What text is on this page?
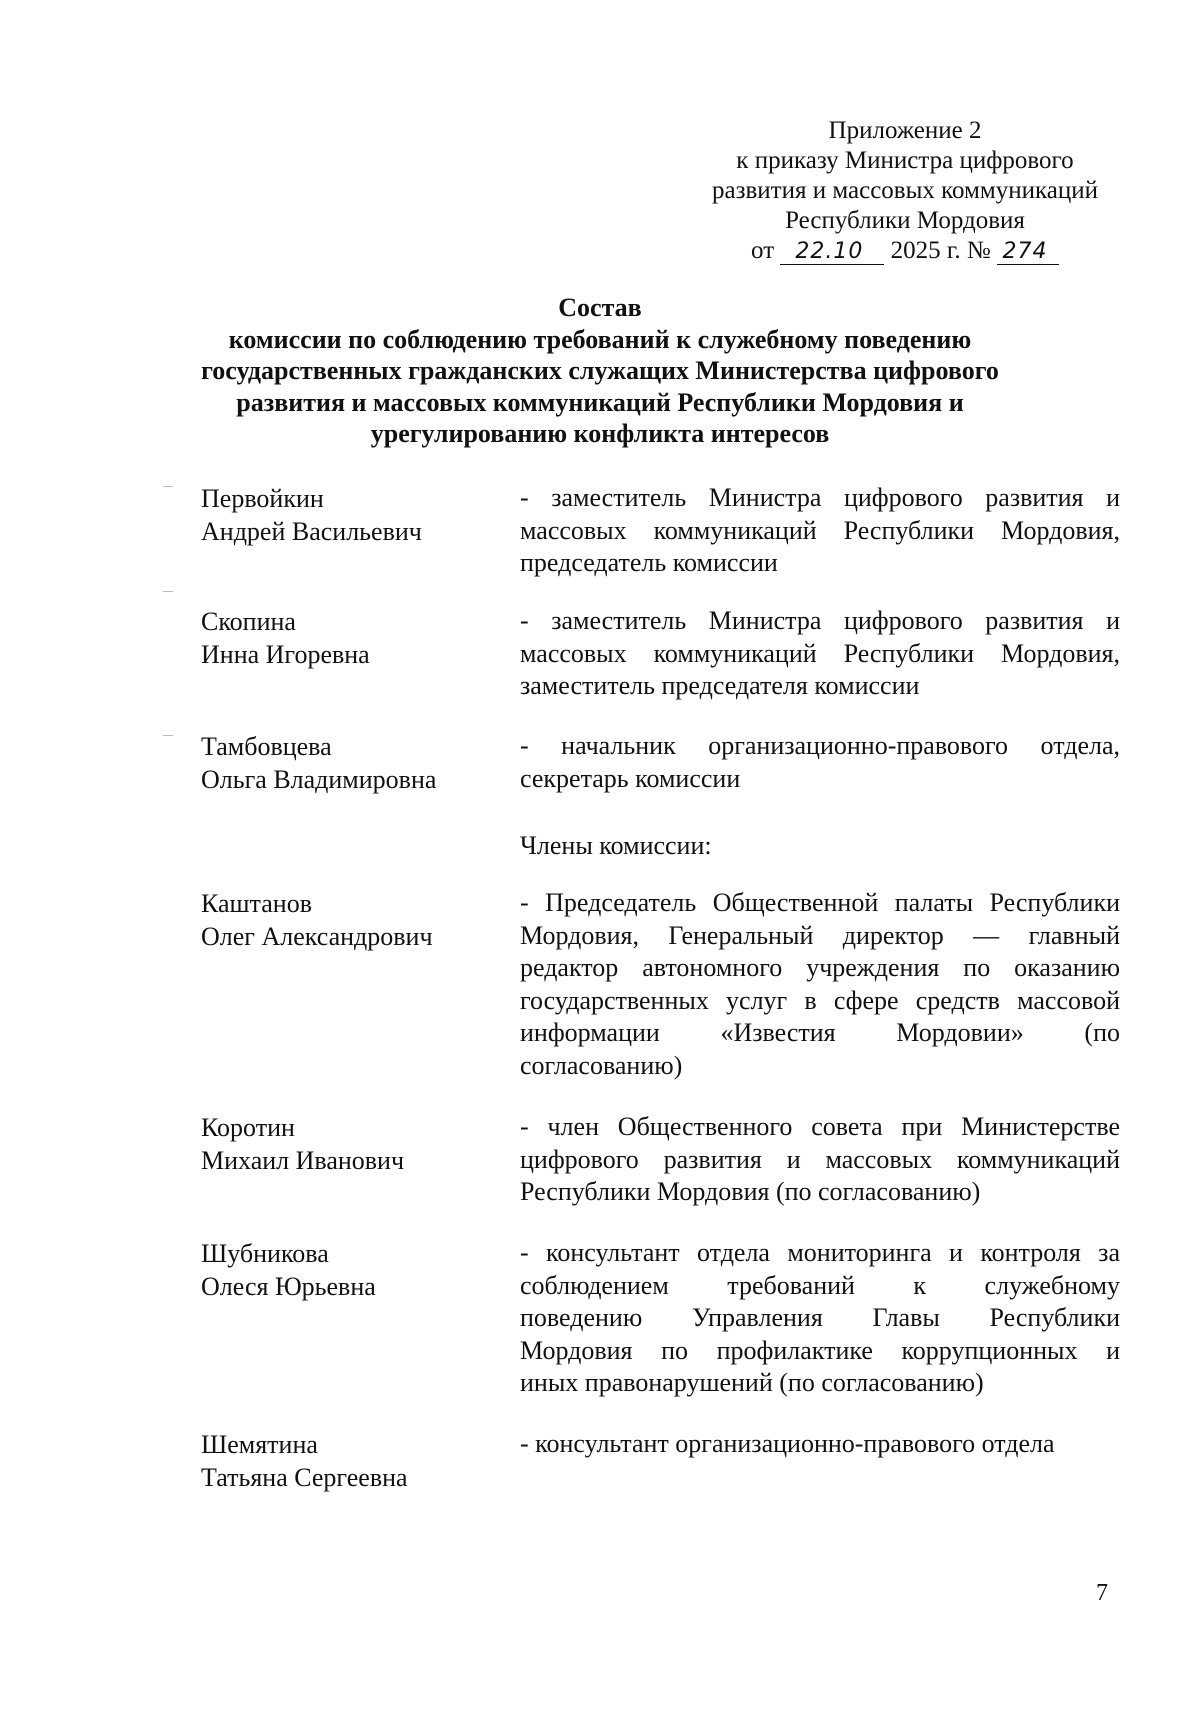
Приложение 2
к приказу Министра цифрового
развития и массовых коммуникаций
Республики Мордовия
от 22.10 2025 г. № 274
Состав
комиссии по соблюдению требований к служебному поведению
государственных гражданских служащих Министерства цифрового
развития и массовых коммуникаций Республики Мордовия и
урегулированию конфликта интересов
Первойкин
Андрей Васильевич
- заместитель Министра цифрового развития и
массовых коммуникаций Республики Мордовия,
председатель комиссии
Скопина
Инна Игоревна
- заместитель Министра цифрового развития и
массовых коммуникаций Республики Мордовия,
заместитель председателя комиссии
Тамбовцева
Ольга Владимировна
- начальник организационно-правового отдела,
секретарь комиссии
Члены комиссии:
Каштанов
Олег Александрович
- Председатель Общественной палаты Республики
Мордовия, Генеральный директор — главный
редактор автономного учреждения по оказанию
государственных услуг в сфере средств массовой
информации «Известия Мордовии» (по
согласованию)
Коротин
Михаил Иванович
- член Общественного совета при Министерстве
цифрового развития и массовых коммуникаций
Республики Мордовия (по согласованию)
Шубникова
Олеся Юрьевна
- консультант отдела мониторинга и контроля за
соблюдением требований к служебному
поведению Управления Главы Республики
Мордовия по профилактике коррупционных и
иных правонарушений (по согласованию)
Шемятина
Татьяна Сергеевна
- консультант организационно-правового отдела
7
